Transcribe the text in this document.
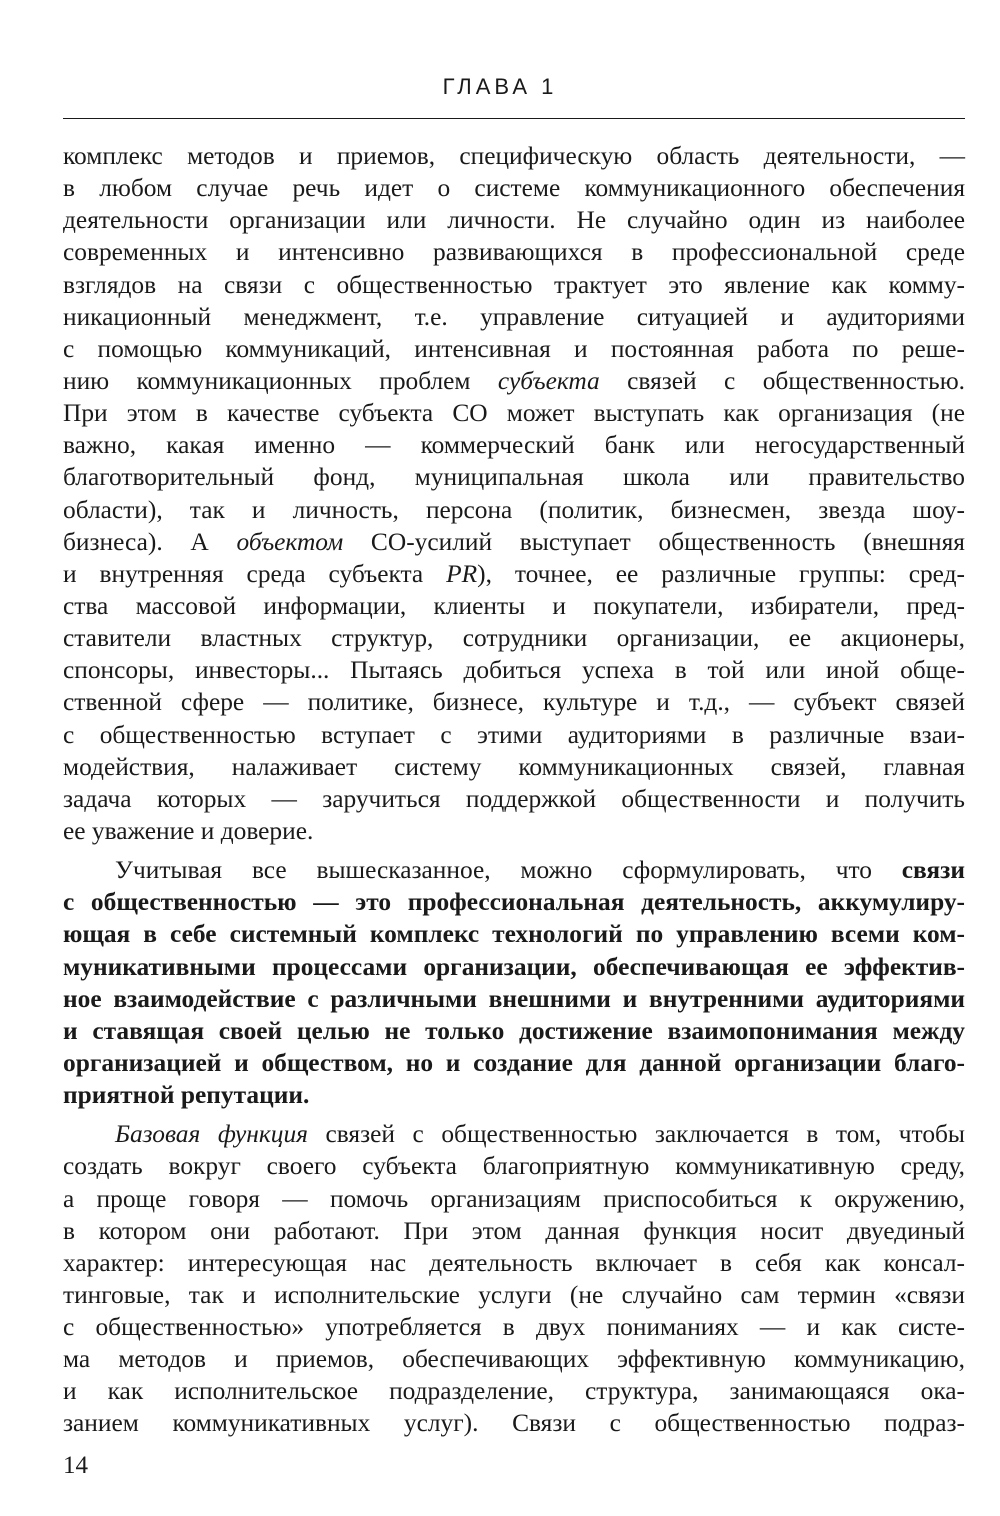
ГЛАВА 1
комплекс методов и приемов, специфическую область деятельности, —
в любом случае речь идет о системе коммуникационного обеспечения
деятельности организации или личности. Не случайно один из наиболее
современных и интенсивно развивающихся в профессиональной среде
взглядов на связи с общественностью трактует это явление как комму-
никационный менеджмент, т.е. управление ситуацией и аудиториями
с помощью коммуникаций, интенсивная и постоянная работа по реше-
нию коммуникационных проблем субъекта связей с общественностью.
При этом в качестве субъекта СО может выступать как организация (не
важно, какая именно — коммерческий банк или негосударственный
благотворительный фонд, муниципальная школа или правительство
области), так и личность, персона (политик, бизнесмен, звезда шоу-
бизнеса). А объектом СО-усилий выступает общественность (внешняя
и внутренняя среда субъекта PR), точнее, ее различные группы: сред-
ства массовой информации, клиенты и покупатели, избиратели, пред-
ставители властных структур, сотрудники организации, ее акционеры,
спонсоры, инвесторы... Пытаясь добиться успеха в той или иной обще-
ственной сфере — политике, бизнесе, культуре и т.д., — субъект связей
с общественностью вступает с этими аудиториями в различные взаи-
модействия, налаживает систему коммуникационных связей, главная
задача которых — заручиться поддержкой общественности и получить
ее уважение и доверие.
Учитывая все вышесказанное, можно сформулировать, что связи
с общественностью — это профессиональная деятельность, аккумулиру-
ющая в себе системный комплекс технологий по управлению всеми ком-
муникативными процессами организации, обеспечивающая ее эффектив-
ное взаимодействие с различными внешними и внутренними аудиториями
и ставящая своей целью не только достижение взаимопонимания между
организацией и обществом, но и создание для данной организации благо-
приятной репутации.
Базовая функция связей с общественностью заключается в том, чтобы
создать вокруг своего субъекта благоприятную коммуникативную среду,
а проще говоря — помочь организациям приспособиться к окружению,
в котором они работают. При этом данная функция носит двуединый
характер: интересующая нас деятельность включает в себя как консал-
тинговые, так и исполнительские услуги (не случайно сам термин «связи
с общественностью» употребляется в двух пониманиях — и как систе-
ма методов и приемов, обеспечивающих эффективную коммуникацию,
и как исполнительское подразделение, структура, занимающаяся ока-
занием коммуникативных услуг). Связи с общественностью подраз-
14
